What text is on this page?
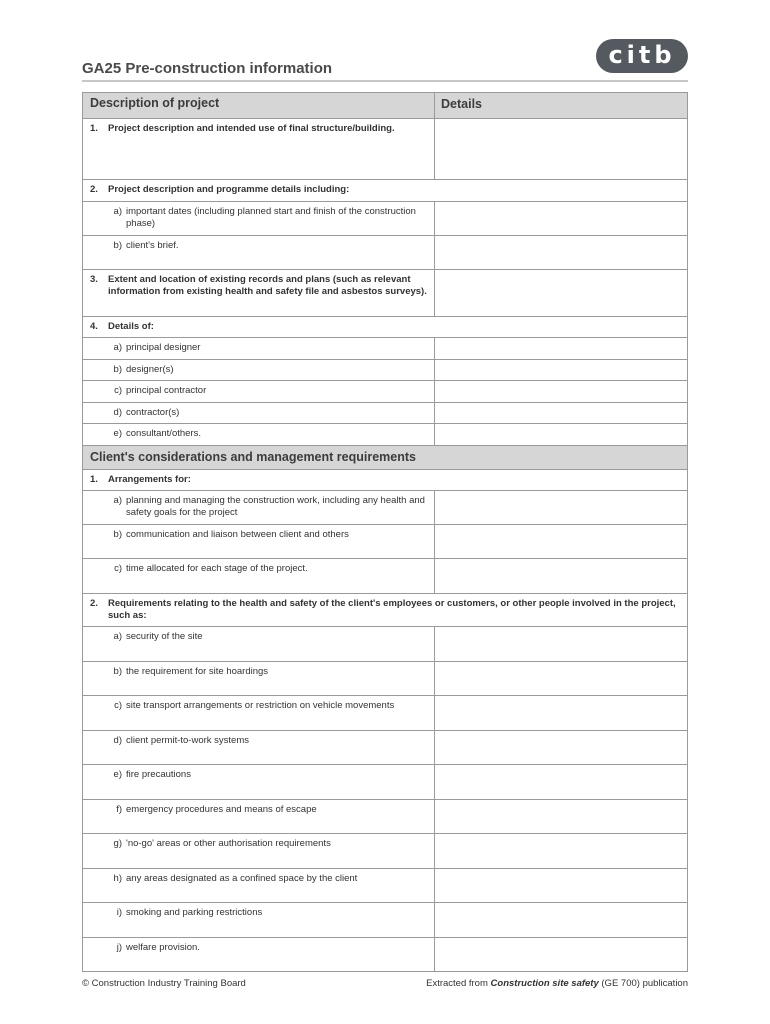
GA25 Pre-construction information	citb
Description of project	Details
1.	Project description and intended use of final structure/building.
2.	Project description and programme details including:
a) important dates (including planned start and finish of the construction phase)
b) client's brief.
3.	Extent and location of existing records and plans (such as relevant information from existing health and safety file and asbestos surveys).
4.	Details of:
a) principal designer
b) designer(s)
c) principal contractor
d) contractor(s)
e) consultant/others.
Client's considerations and management requirements
1.	Arrangements for:
a) planning and managing the construction work, including any health and safety goals for the project
b) communication and liaison between client and others
c) time allocated for each stage of the project.
2.	Requirements relating to the health and safety of the client's employees or customers, or other people involved in the project, such as:
a) security of the site
b) the requirement for site hoardings
c) site transport arrangements or restriction on vehicle movements
d) client permit-to-work systems
e) fire precautions
f) emergency procedures and means of escape
g) 'no-go' areas or other authorisation requirements
h) any areas designated as a confined space by the client
i) smoking and parking restrictions
j) welfare provision.
© Construction Industry Training Board	Extracted from Construction site safety (GE 700) publication
